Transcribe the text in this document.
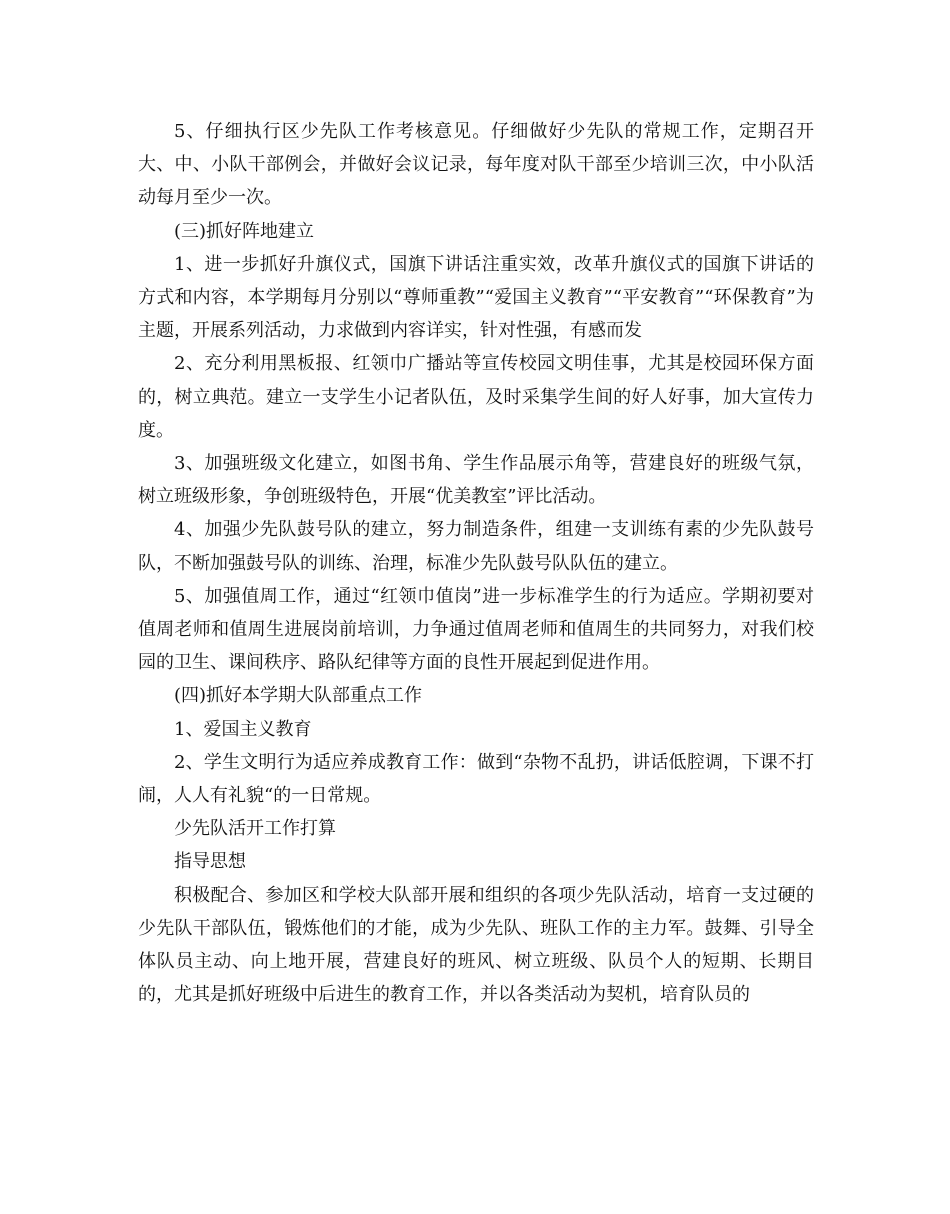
5、仔细执行区少先队工作考核意见。仔细做好少先队的常规工作，定期召开大、中、小队干部例会，并做好会议记录，每年度对队干部至少培训三次，中小队活动每月至少一次。

(三)抓好阵地建立

1、进一步抓好升旗仪式，国旗下讲话注重实效，改革升旗仪式的国旗下讲话的方式和内容，本学期每月分别以“尊师重教”“爱国主义教育”“平安教育”“环保教育”为主题，开展系列活动，力求做到内容详实，针对性强，有感而发

2、充分利用黑板报、红领巾广播站等宣传校园文明佳事，尤其是校园环保方面的，树立典范。建立一支学生小记者队伍，及时采集学生间的好人好事，加大宣传力度。

3、加强班级文化建立，如图书角、学生作品展示角等，营建良好的班级气氛，树立班级形象，争创班级特色，开展“优美教室”评比活动。

4、加强少先队鼓号队的建立，努力制造条件，组建一支训练有素的少先队鼓号队，不断加强鼓号队的训练、治理，标准少先队鼓号队队伍的建立。

5、加强值周工作，通过“红领巾值岗”进一步标准学生的行为适应。学期初要对值周老师和值周生进展岗前培训，力争通过值周老师和值周生的共同努力，对我们校园的卫生、课间秩序、路队纪律等方面的良性开展起到促进作用。

(四)抓好本学期大队部重点工作

1、爱国主义教育

2、学生文明行为适应养成教育工作：做到“杂物不乱扔，讲话低腔调，下课不打闹，人人有礼貌“的一日常规。

少先队活开工作打算

指导思想

积极配合、参加区和学校大队部开展和组织的各项少先队活动，培育一支过硬的少先队干部队伍，锻炼他们的才能，成为少先队、班队工作的主力军。鼓舞、引导全体队员主动、向上地开展，营建良好的班风、树立班级、队员个人的短期、长期目的，尤其是抓好班级中后进生的教育工作，并以各类活动为契机，培育队员的
